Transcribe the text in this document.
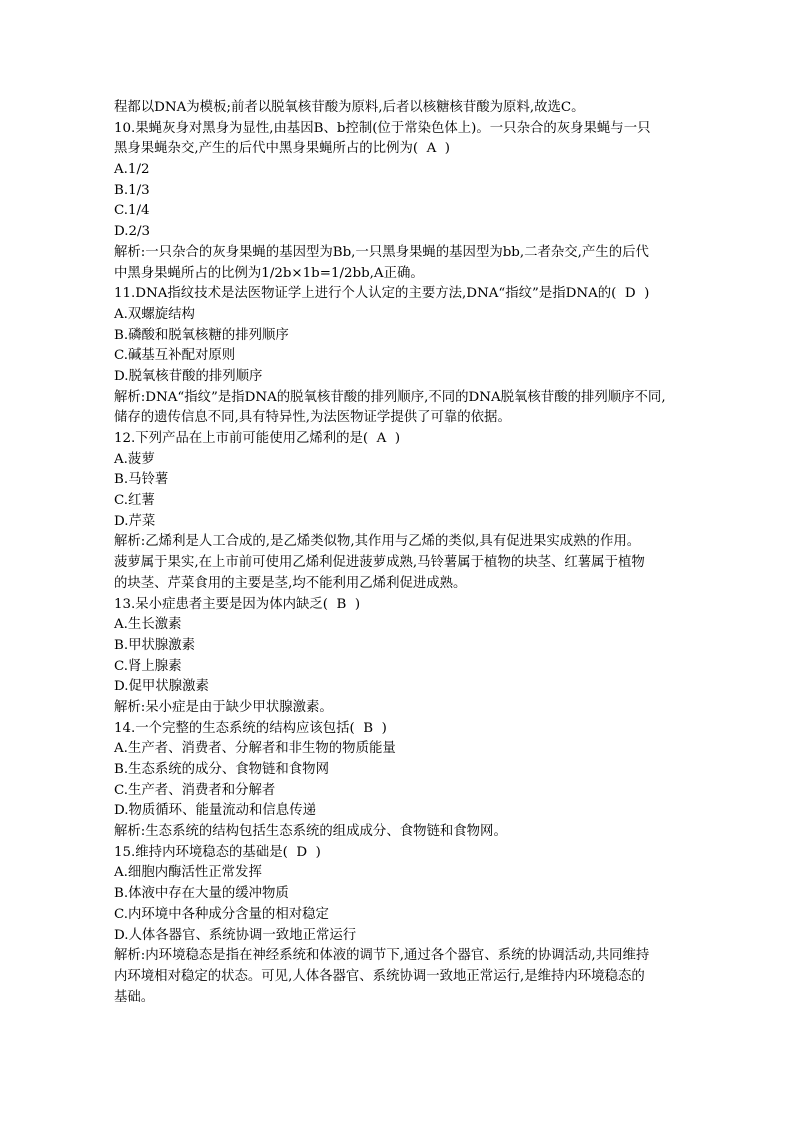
程都以DNA为模板;前者以脱氧核苷酸为原料,后者以核糖核苷酸为原料,故选C。
10.果蝇灰身对黑身为显性,由基因B、b控制(位于常染色体上)。一只杂合的灰身果蝇与一只
黑身果蝇杂交,产生的后代中黑身果蝇所占的比例为(  A  )
A.1/2
B.1/3
C.1/4
D.2/3
解析:一只杂合的灰身果蝇的基因型为Bb,一只黑身果蝇的基因型为bb,二者杂交,产生的后代
中黑身果蝇所占的比例为1/2b×1b=1/2bb,A正确。
11.DNA指纹技术是法医物证学上进行个人认定的主要方法,DNA“指纹”是指DNA的(  D  )
A.双螺旋结构
B.磷酸和脱氧核糖的排列顺序
C.碱基互补配对原则
D.脱氧核苷酸的排列顺序
解析:DNA“指纹”是指DNA的脱氧核苷酸的排列顺序,不同的DNA脱氧核苷酸的排列顺序不同,
储存的遗传信息不同,具有特异性,为法医物证学提供了可靠的依据。
12.下列产品在上市前可能使用乙烯利的是(  A  )
A.菠萝
B.马铃薯
C.红薯
D.芹菜
解析:乙烯利是人工合成的,是乙烯类似物,其作用与乙烯的类似,具有促进果实成熟的作用。
菠萝属于果实,在上市前可使用乙烯利促进菠萝成熟,马铃薯属于植物的块茎、红薯属于植物
的块茎、芹菜食用的主要是茎,均不能利用乙烯利促进成熟。
13.呆小症患者主要是因为体内缺乏(  B  )
A.生长激素
B.甲状腺激素
C.肾上腺素
D.促甲状腺激素
解析:呆小症是由于缺少甲状腺激素。
14.一个完整的生态系统的结构应该包括(  B  )
A.生产者、消费者、分解者和非生物的物质能量
B.生态系统的成分、食物链和食物网
C.生产者、消费者和分解者
D.物质循环、能量流动和信息传递
解析:生态系统的结构包括生态系统的组成成分、食物链和食物网。
15.维持内环境稳态的基础是(  D  )
A.细胞内酶活性正常发挥
B.体液中存在大量的缓冲物质
C.内环境中各种成分含量的相对稳定
D.人体各器官、系统协调一致地正常运行
解析:内环境稳态是指在神经系统和体液的调节下,通过各个器官、系统的协调活动,共同维持
内环境相对稳定的状态。可见,人体各器官、系统协调一致地正常运行,是维持内环境稳态的
基础。
